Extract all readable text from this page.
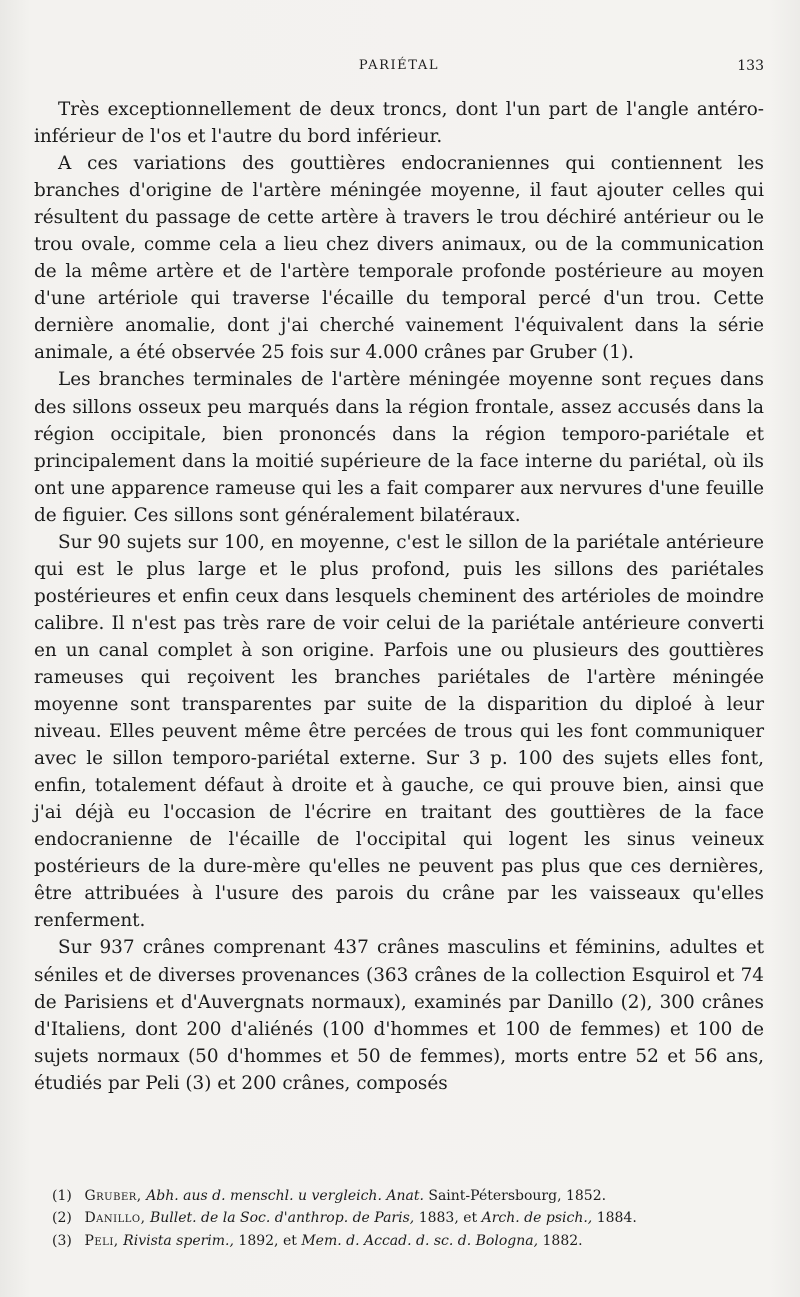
PARIÉTAL	133

Très exceptionnellement de deux troncs, dont l'un part de l'angle antéro-inférieur de l'os et l'autre du bord inférieur.

A ces variations des gouttières endocraniennes qui contiennent les branches d'origine de l'artère méningée moyenne, il faut ajouter celles qui résultent du passage de cette artère à travers le trou déchiré antérieur ou le trou ovale, comme cela a lieu chez divers animaux, ou de la communication de la même artère et de l'artère temporale profonde postérieure au moyen d'une artériole qui traverse l'écaille du temporal percé d'un trou. Cette dernière anomalie, dont j'ai cherché vainement l'équivalent dans la série animale, a été observée 25 fois sur 4.000 crânes par Gruber (1).

Les branches terminales de l'artère méningée moyenne sont reçues dans des sillons osseux peu marqués dans la région frontale, assez accusés dans la région occipitale, bien prononcés dans la région temporo-pariétale et principalement dans la moitié supérieure de la face interne du pariétal, où ils ont une apparence rameuse qui les a fait comparer aux nervures d'une feuille de figuier. Ces sillons sont généralement bilatéraux.

Sur 90 sujets sur 100, en moyenne, c'est le sillon de la pariétale antérieure qui est le plus large et le plus profond, puis les sillons des pariétales postérieures et enfin ceux dans lesquels cheminent des artérioles de moindre calibre. Il n'est pas très rare de voir celui de la pariétale antérieure converti en un canal complet à son origine. Parfois une ou plusieurs des gouttières rameuses qui reçoivent les branches pariétales de l'artère méningée moyenne sont transparentes par suite de la disparition du diploé à leur niveau. Elles peuvent même être percées de trous qui les font communiquer avec le sillon temporo-pariétal externe. Sur 3 p. 100 des sujets elles font, enfin, totalement défaut à droite et à gauche, ce qui prouve bien, ainsi que j'ai déjà eu l'occasion de l'écrire en traitant des gouttières de la face endocranienne de l'écaille de l'occipital qui logent les sinus veineux postérieurs de la dure-mère qu'elles ne peuvent pas plus que ces dernières, être attribuées à l'usure des parois du crâne par les vaisseaux qu'elles renferment.

Sur 937 crânes comprenant 437 crânes masculins et féminins, adultes et séniles et de diverses provenances (363 crânes de la collection Esquirol et 74 de Parisiens et d'Auvergnats normaux), examinés par Danillo (2), 300 crânes d'Italiens, dont 200 d'aliénés (100 d'hommes et 100 de femmes) et 100 de sujets normaux (50 d'hommes et 50 de femmes), morts entre 52 et 56 ans, étudiés par Peli (3) et 200 crânes, composés

(1) Gruber, Abh. aus d. menschl. u vergleich. Anat. Saint-Pétersbourg, 1852.

(2) Danillo, Bullet. de la Soc. d'anthrop. de Paris, 1883, et Arch. de psich., 1884.

(3) Peli, Rivista sperim., 1892, et Mem. d. Accad. d. sc. d. Bologna, 1882.
